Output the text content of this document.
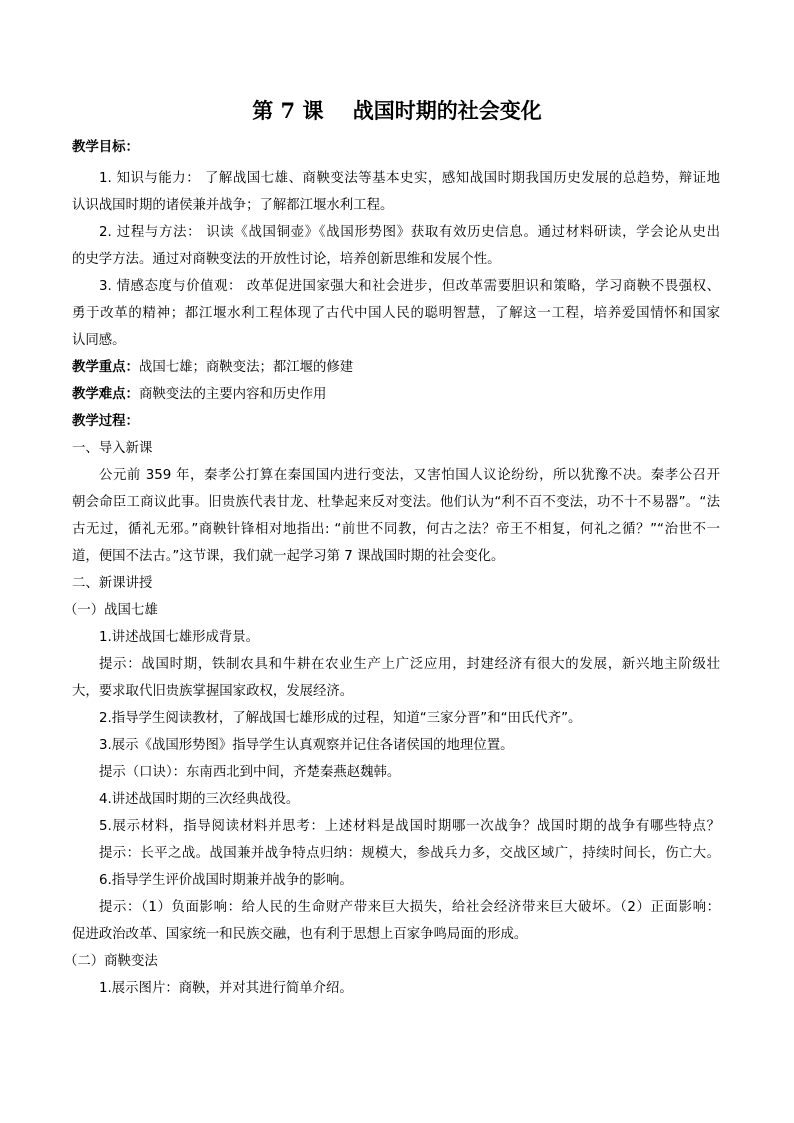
第 7 课    战国时期的社会变化
教学目标：
1. 知识与能力： 了解战国七雄、商鞅变法等基本史实，感知战国时期我国历史发展的总趋势，辩证地
认识战国时期的诸侯兼并战争；了解都江堰水利工程。
2. 过程与方法： 识读《战国铜壶》《战国形势图》获取有效历史信息。通过材料研读，学会论从史出
的史学方法。通过对商鞅变法的开放性讨论，培养创新思维和发展个性。
3. 情感态度与价值观： 改革促进国家强大和社会进步，但改革需要胆识和策略，学习商鞅不畏强权、
勇于改革的精神；都江堰水利工程体现了古代中国人民的聪明智慧，了解这一工程，培养爱国情怀和国家
认同感。
教学重点：战国七雄；商鞅变法；都江堰的修建
教学难点：商鞅变法的主要内容和历史作用
教学过程：
一、导入新课
公元前 359 年，秦孝公打算在秦国国内进行变法，又害怕国人议论纷纷，所以犹豫不决。秦孝公召开
朝会命臣工商议此事。旧贵族代表甘龙、杜挚起来反对变法。他们认为“利不百不变法，功不十不易器”。“法
古无过，循礼无邪。”商鞅针锋相对地指出: “前世不同教，何古之法？帝王不相复，何礼之循？”“治世不一
道，便国不法古。”这节课，我们就一起学习第 7 课战国时期的社会变化。
二、新课讲授
（一）战国七雄
1.讲述战国七雄形成背景。
提示：战国时期，铁制农具和牛耕在农业生产上广泛应用，封建经济有很大的发展，新兴地主阶级壮
大，要求取代旧贵族掌握国家政权，发展经济。
2.指导学生阅读教材，了解战国七雄形成的过程，知道“三家分晋”和“田氏代齐”。
3.展示《战国形势图》指导学生认真观察并记住各诸侯国的地理位置。
提示（口诀）：东南西北到中间，齐楚秦燕赵魏韩。
4.讲述战国时期的三次经典战役。
5.展示材料，指导阅读材料并思考：上述材料是战国时期哪一次战争？战国时期的战争有哪些特点？
提示：长平之战。战国兼并战争特点归纳：规模大，参战兵力多，交战区域广，持续时间长，伤亡大。
6.指导学生评价战国时期兼并战争的影响。
提示：（1）负面影响：给人民的生命财产带来巨大损失，给社会经济带来巨大破坏。（2）正面影响：
促进政治改革、国家统一和民族交融，也有利于思想上百家争鸣局面的形成。
（二）商鞅变法
1.展示图片：商鞅，并对其进行简单介绍。
